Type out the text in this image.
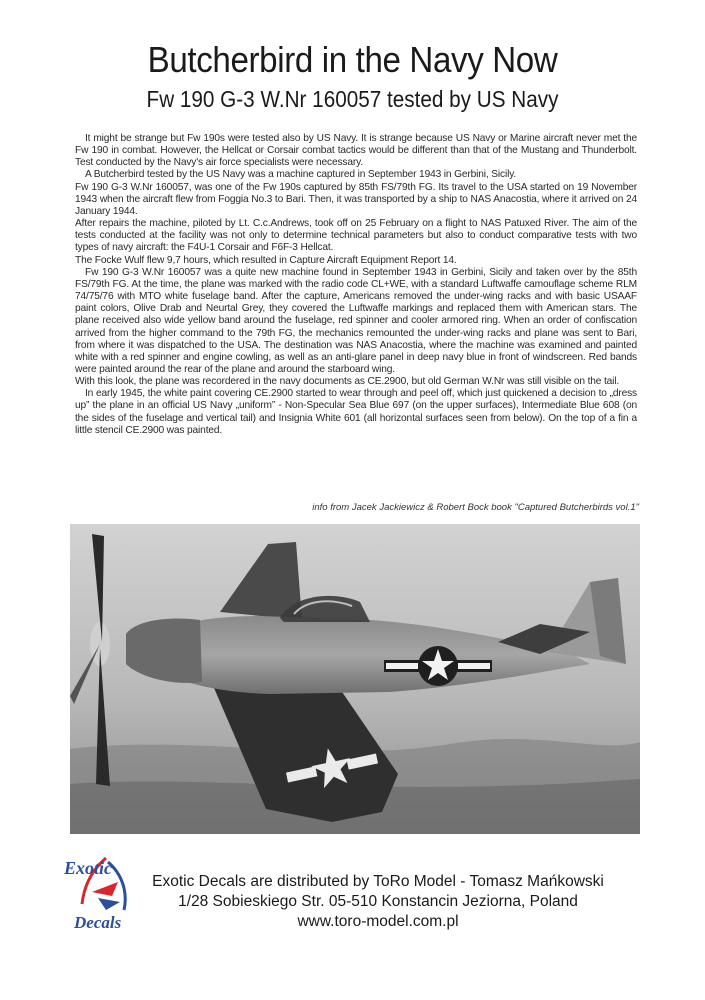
Butcherbird in the Navy Now
Fw 190 G-3 W.Nr 160057 tested by US Navy

It might be strange but Fw 190s were tested also by US Navy. It is strange because US Navy or Marine aircraft never met the Fw 190 in combat. However, the Hellcat or Corsair combat tactics would be different than that of the Mustang and Thunderbolt. Test conducted by the Navy's air force specialists were necessary.

A Butcherbird tested by the US Navy was a machine captured in September 1943 in Gerbini, Sicily.

Fw 190 G-3 W.Nr 160057, was one of the Fw 190s captured by 85th FS/79th FG. Its travel to the USA started on 19 November 1943 when the aircraft flew from Foggia No.3 to Bari. Then, it was transported by a ship to NAS Anacostia, where it arrived on 24 January 1944.

After repairs the machine, piloted by Lt. C.c.Andrews, took off on 25 February on a flight to NAS Patuxed River. The aim of the tests conducted at the facility was not only to determine technical parameters but also to conduct comparative tests with two types of navy aircraft: the F4U-1 Corsair and F6F-3 Hellcat.

The Focke Wulf flew 9,7 hours, which resulted in Capture Aircraft Equipment Report 14.

Fw 190 G-3 W.Nr 160057 was a quite new machine found in September 1943 in Gerbini, Sicily and taken over by the 85th FS/79th FG. At the time, the plane was marked with the radio code CL+WE, with a standard Luftwaffe camouflage scheme RLM 74/75/76 with MTO white fuselage band. After the capture, Americans removed the under-wing racks and with basic USAAF paint colors, Olive Drab and Neurtal Grey, they covered the Luftwaffe markings and replaced them with American stars. The plane received also wide yellow band around the fuselage, red spinner and cooler armored ring. When an order of confiscation arrived from the higher command to the 79th FG, the mechanics remounted the under-wing racks and plane was sent to Bari, from where it was dispatched to the USA. The destination was NAS Anacostia, where the machine was examined and painted white with a red spinner and engine cowling, as well as an anti-glare panel in deep navy blue in front of windscreen. Red bands were painted around the rear of the plane and around the starboard wing.

With this look, the plane was recordered in the navy documents as CE.2900, but old German W.Nr was still visible on the tail.

In early 1945, the white paint covering CE.2900 started to wear through and peel off, which just quickened a decision to „dress up” the plane in an official US Navy „uniform” - Non-Specular Sea Blue 697 (on the upper surfaces), Intermediate Blue 608 (on the sides of the fuselage and vertical tail) and Insignia White 601 (all horizontal surfaces seen from below). On the top of a fin a little stencil CE.2900 was painted.

info from Jacek Jackiewicz & Robert Bock book "Captured Butcherbirds vol.1"
Exotic
Decals
Exotic Decals are distributed by ToRo Model - Tomasz Mańkowski
1/28 Sobieskiego Str. 05-510 Konstancin Jeziorna, Poland
www.toro-model.com.pl
